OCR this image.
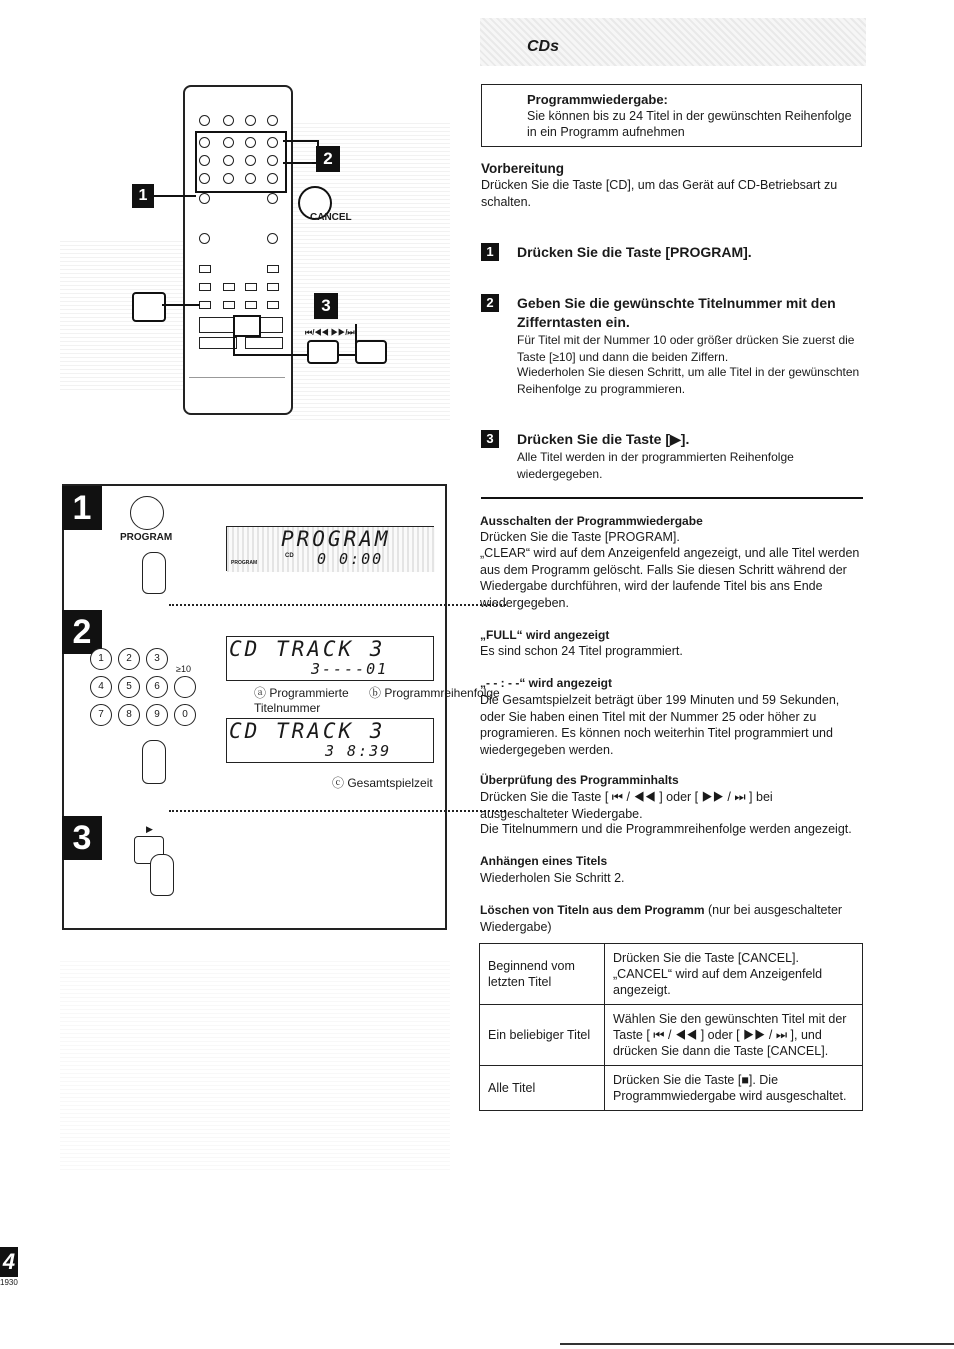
CDs
Programmwiedergabe:
Sie können bis zu 24 Titel in der gewünschten Reihenfolge in ein Programm aufnehmen
Vorbereitung
Drücken Sie die Taste [CD], um das Gerät auf CD-Betriebsart zu schalten.
1	Drücken Sie die Taste [PROGRAM].
2	Geben Sie die gewünschte Titelnummer mit den Zifferntasten ein.
Für Titel mit der Nummer 10 oder größer drücken Sie zuerst die Taste [≥10] und dann die beiden Ziffern.
Wiederholen Sie diesen Schritt, um alle Titel in der gewünschten Reihenfolge zu programmieren.
3	Drücken Sie die Taste [▶].
Alle Titel werden in der programmierten Reihenfolge wiedergegeben.
Ausschalten der Programmwiedergabe
Drücken Sie die Taste [PROGRAM].
„CLEAR“ wird auf dem Anzeigenfeld angezeigt, und alle Titel werden aus dem Programm gelöscht. Falls Sie diesen Schritt während der Wiedergabe durchführen, wird der laufende Titel bis ans Ende wiedergegeben.
„FULL“ wird angezeigt
Es sind schon 24 Titel programmiert.
„- - : - -“ wird angezeigt
Die Gesamtspielzeit beträgt über 199 Minuten und 59 Sekunden, oder Sie haben einen Titel mit der Nummer 25 oder höher zu programieren. Es können noch weiterhin Titel programmiert und wiedergegeben werden.
Überprüfung des Programminhalts
Drücken Sie die Taste [ ⏮ / ◀◀ ] oder [ ▶▶ / ⏭ ] bei ausgeschalteter Wiedergabe.
Die Titelnummern und die Programmreihenfolge werden angezeigt.
Anhängen eines Titels
Wiederholen Sie Schritt 2.
Löschen von Titeln aus dem Programm (nur bei ausgeschalteter Wiedergabe)
Beginnend vom letzten Titel	Drücken Sie die Taste [CANCEL]. „CANCEL“ wird auf dem Anzeigenfeld angezeigt.
Ein beliebiger Titel	Wählen Sie den gewünschten Titel mit der Taste [ ⏮ / ◀◀ ] oder [ ▶▶ / ⏭ ], und drücken Sie dann die Taste [CANCEL].
Alle Titel	Drücken Sie die Taste [■]. Die Programmwiedergabe wird ausgeschaltet.
1
2
CANCEL
3
⏮/◀◀ ▶▶/⏭
1
PROGRAM	PROGRAM
CD
PROGRAM	0 0:00
2
1	2	3
≥10
4	5	6
7	8	9	0
CD TRACK 3
3----01
ⓐ Programmierte Titelnummer
ⓑ Programmreihenfolge
CD TRACK 3
3 8:39
ⓒ Gesamtspielzeit
3	▶
4
1930
